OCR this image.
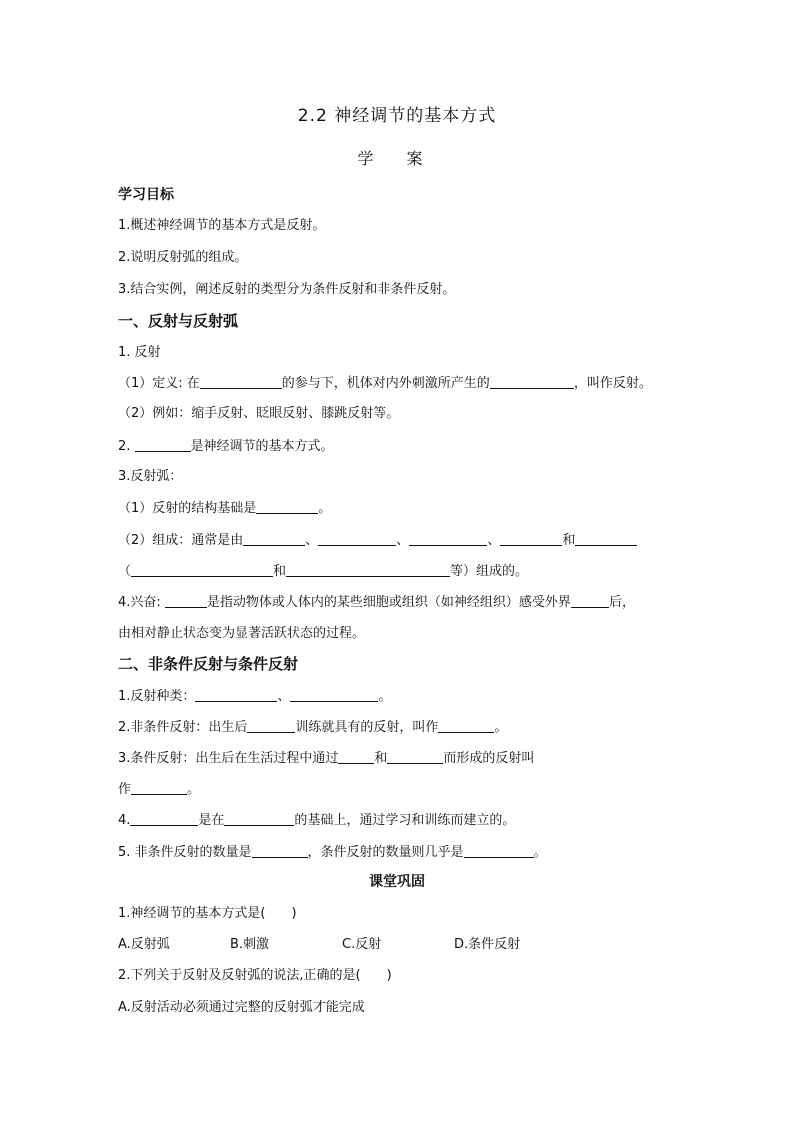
2.2 神经调节的基本方式
学 案
学习目标
1.概述神经调节的基本方式是反射。
2.说明反射弧的组成。
3.结合实例，阐述反射的类型分为条件反射和非条件反射。
一、反射与反射弧
1. 反射
（1）定义: 在	的参与下，机体对内外刺激所产生的	，叫作反射。
（2）例如：缩手反射、眨眼反射、膝跳反射等。
2.	是神经调节的基本方式。
3.反射弧：
（1）反射的结构基础是	。
（2）组成：通常是由	、	、	、	和
（	和	等）组成的。
4.兴奋:	是指动物体或人体内的某些细胞或组织（如神经组织）感受外界	后，
由相对静止状态变为显著活跃状态的过程。
二、非条件反射与条件反射
1.反射种类：	、	。
2.非条件反射：出生后	训练就具有的反射，叫作	。
3.条件反射：出生后在生活过程中通过	和	而形成的反射叫
作	。
4.	是在	的基础上，通过学习和训练而建立的。
5. 非条件反射的数量是	，条件反射的数量则几乎是	。
课堂巩固
1.神经调节的基本方式是(　　)
A.反射弧	B.刺激	C.反射	D.条件反射
2.下列关于反射及反射弧的说法,正确的是(　　)
A.反射活动必须通过完整的反射弧才能完成
